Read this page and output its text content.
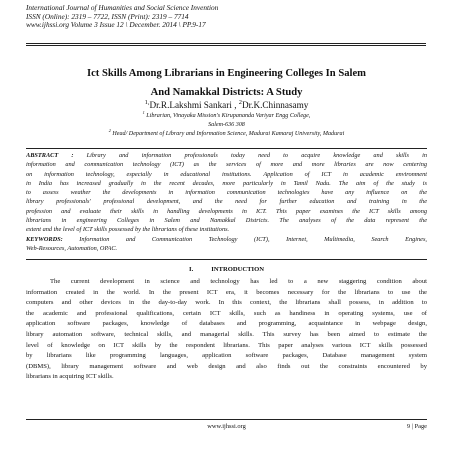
International Journal of Humanities and Social Science Invention
ISSN (Online): 2319 – 7722, ISSN (Print): 2319 – 7714
www.ijhssi.org Volume 3 Issue 12 \ December. 2014 \ PP.9-17
Ict Skills Among Librarians in Engineering Colleges In Salem
And Namakkal Districts: A Study
$^{1,}$Dr.R.Lakshmi Sankari , $^2$Dr.K.Chinnasamy
$^1$ Librarian, Vinayaka Mission's Kirupananda Variyar Engg College,
Salem-636 308
$^2$ Head/ Department of Library and Information Science, Madurai Kamaraj University, Madurai
ABSTRACT : Library and information professionals today need to acquire knowledge and skills in
information and communication technology (ICT) as the services of more and more libraries are now centering
on information technology, especially in educational institutions. Application of ICT in academic environment
in India has increased gradually in the recent decades, more particularly in Tamil Nadu. The aim of the study is
to assess weather the developments in information communication technologies have any influence on the
library professionals' professional development, and the need for further education and training in the
profession and evaluate their skills in handling developments in ICT. This paper examines the ICT skills among
librarians in engineering Colleges in Salem and Namakkal Districts. The analyses of the data represent the
extent and the level of ICT skills possessed by the librarians of these institutions.
KEYWORDS: Information and Communication Technology (ICT), Internet, Multimedia, Search Engines,
Web-Resources, Automation, OPAC.
I.	INTRODUCTION
The current development in science and technology has led to a new staggering condition about
information created in the world. In the present ICT era, it becomes necessary for the librarians to use the
computers and other devices in the day-to-day work. In this context, the librarians shall possess, in addition to
the academic and professional qualifications, certain ICT skills, such as handiness in operating systems, use of
application software packages, knowledge of databases and programming, acquaintance in webpage design,
library automation software, technical skills, and managerial skills. This survey has been aimed to estimate the
level of knowledge on ICT skills by the respondent librarians. This paper analyses various ICT skills possessed
by librarians like programming languages, application software packages, Database management system
(DBMS), library management software and web design and also finds out the constraints encountered by
librarians in acquiring ICT skills.
www.ijhssi.org	9 | Page
